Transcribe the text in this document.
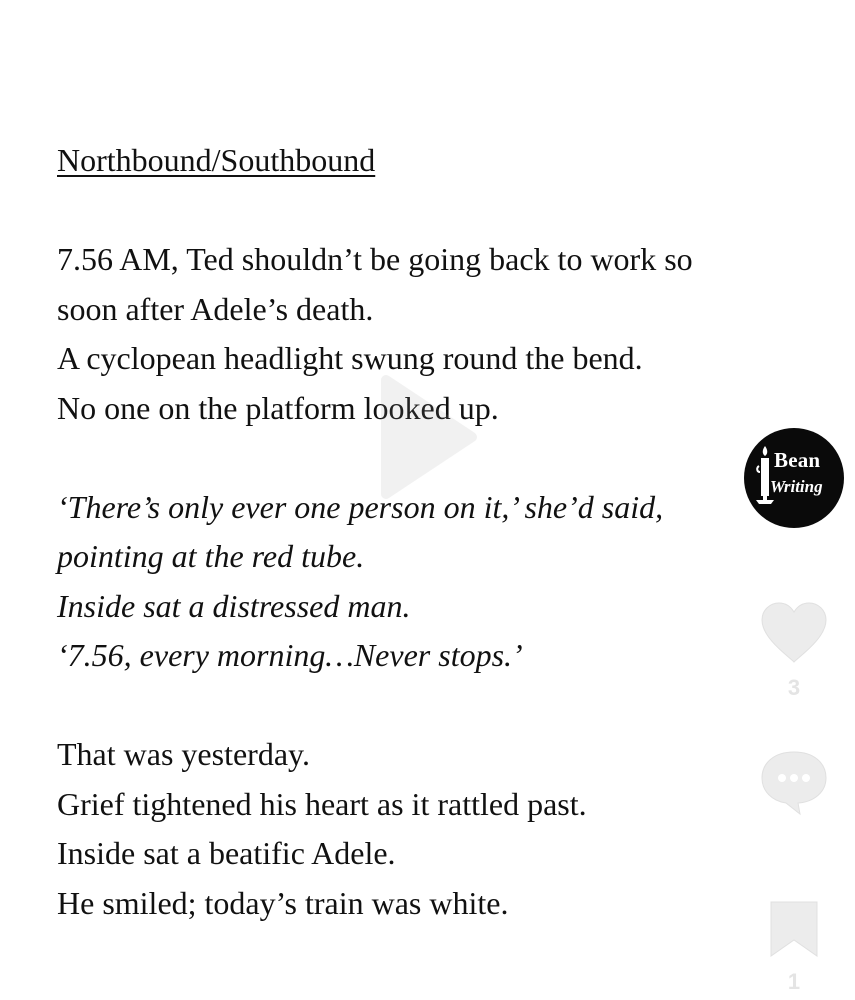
Northbound/Southbound
7.56 AM, Ted shouldn’t be going back to work so
soon after Adele’s death.
A cyclopean headlight swung round the bend.
No one on the platform looked up.
‘There’s only ever one person on it,’ she’d said,
pointing at the red tube.
Inside sat a distressed man.
‘7.56, every morning…Never stops.’
That was yesterday.
Grief tightened his heart as it rattled past.
Inside sat a beatific Adele.
He smiled; today’s train was white.
Bean
Writing
3
1
